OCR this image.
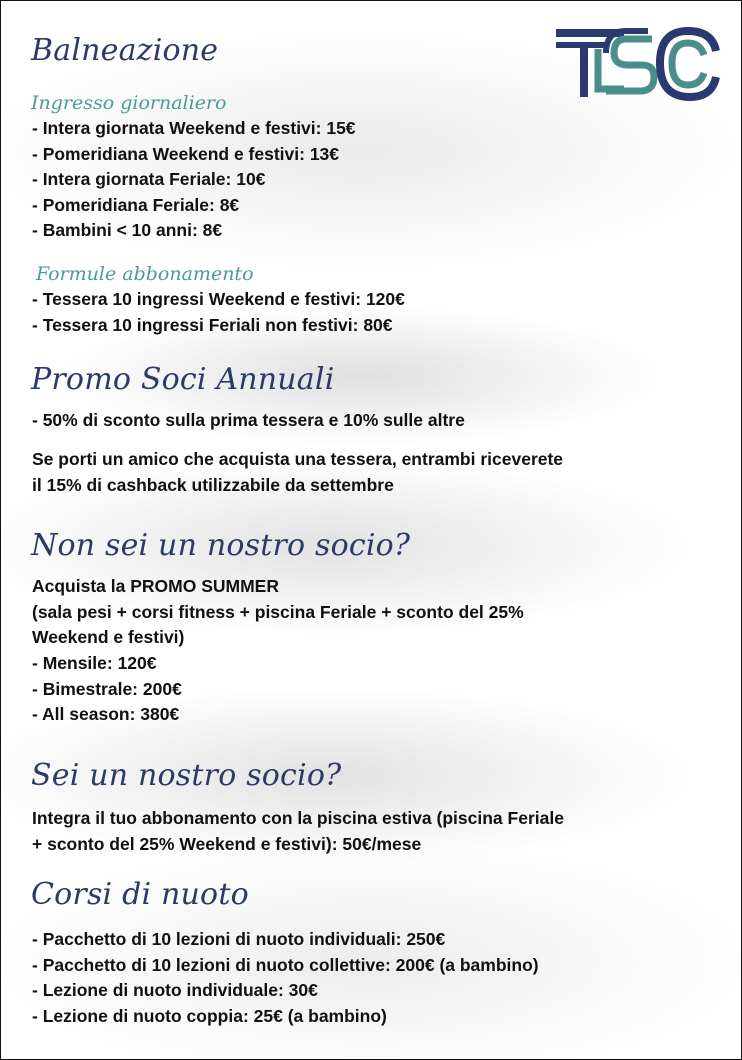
Balneazione
Ingresso giornaliero
- Intera giornata Weekend e festivi: 15€
- Pomeridiana Weekend e festivi: 13€
- Intera giornata Feriale: 10€
- Pomeridiana Feriale: 8€
- Bambini < 10 anni: 8€
Formule abbonamento
- Tessera 10 ingressi Weekend e festivi: 120€
- Tessera 10 ingressi Feriali non festivi: 80€
Promo Soci Annuali
- 50% di sconto sulla prima tessera e 10% sulle altre
Se porti un amico che acquista una tessera, entrambi riceverete
il 15% di cashback utilizzabile da settembre
Non sei un nostro socio?
Acquista la PROMO SUMMER
(sala pesi + corsi fitness + piscina Feriale + sconto del 25%
Weekend e festivi)
- Mensile: 120€
- Bimestrale: 200€
- All season: 380€
Sei un nostro socio?
Integra il tuo abbonamento con la piscina estiva (piscina Feriale
+ sconto del 25% Weekend e festivi): 50€/mese
Corsi di nuoto
- Pacchetto di 10 lezioni di nuoto individuali: 250€
- Pacchetto di 10 lezioni di nuoto collettive: 200€ (a bambino)
- Lezione di nuoto individuale: 30€
- Lezione di nuoto coppia: 25€ (a bambino)
